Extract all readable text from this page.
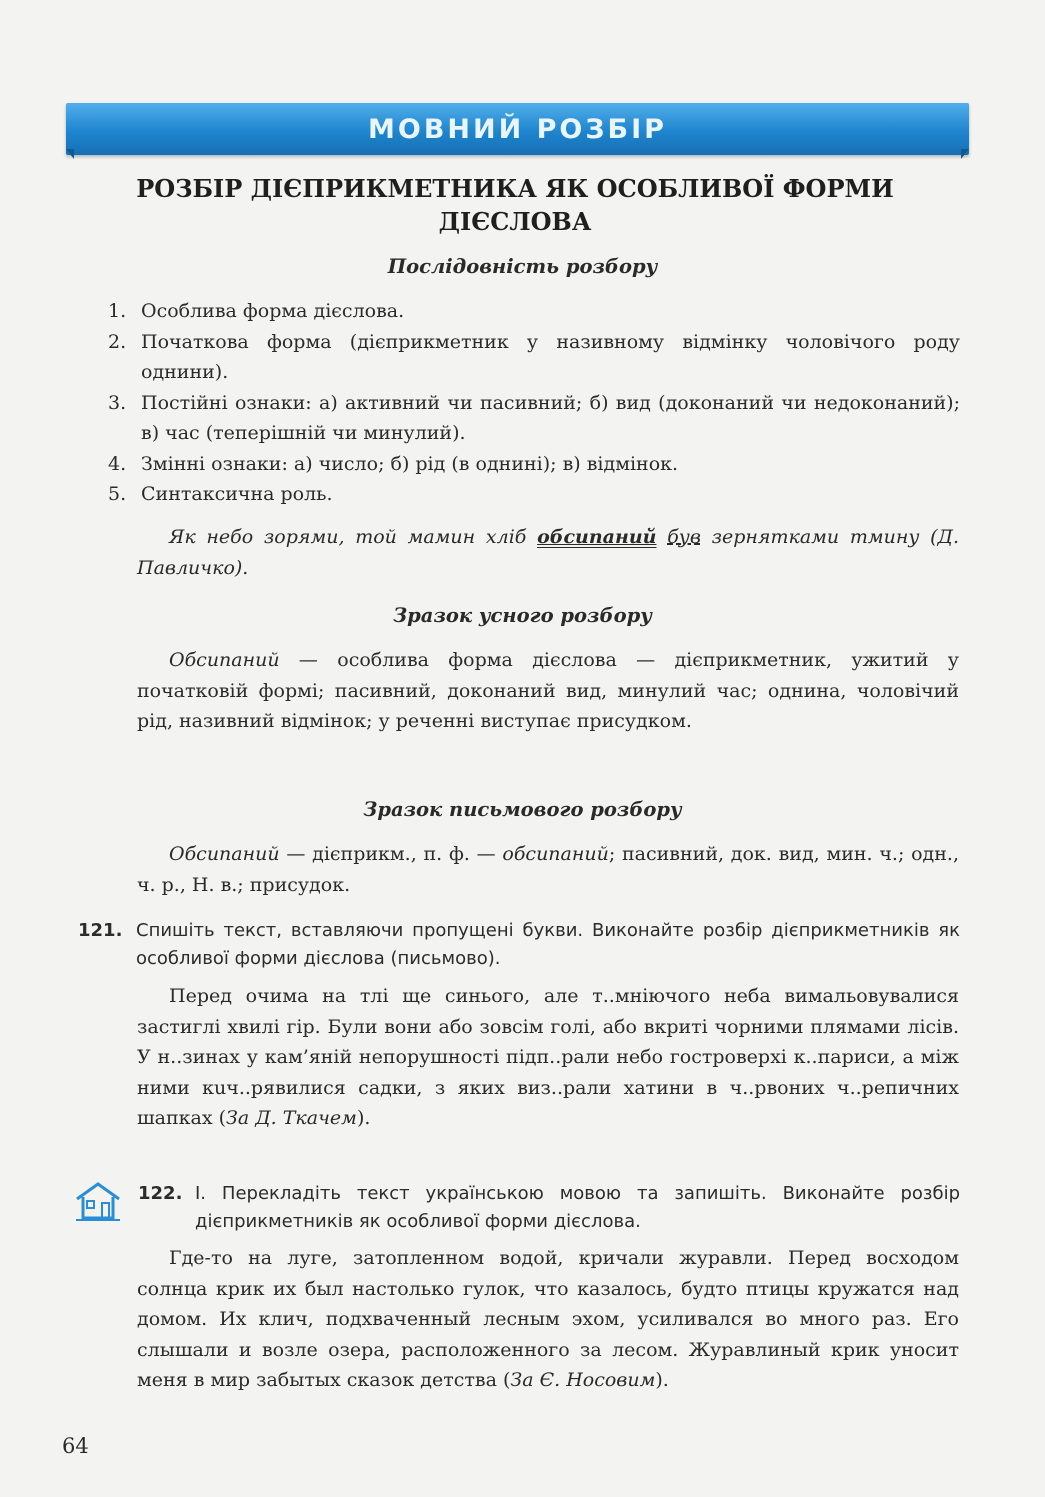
МОВНИЙ РОЗБІР
РОЗБІР ДІЄПРИКМЕТНИКА ЯК ОСОБЛИВОЇ ФОРМИ
ДІЄСЛОВА
Послідовність розбору
1. Особлива форма дієслова.
2. Початкова форма (дієприкметник у називному відмінку чоловічого роду однини).
3. Постійні ознаки: а) активний чи пасивний; б) вид (доконаний чи недоконаний); в) час (теперішній чи минулий).
4. Змінні ознаки: а) число; б) рід (в однині); в) відмінок.
5. Синтаксична роль.
Як небо зорями, той мамин хліб обсипаний був зернятками тмину (Д. Павличко).
Зразок усного розбору
Обсипаний — особлива форма дієслова — дієприкметник, ужитий у початковій формі; пасивний, доконаний вид, минулий час; однина, чоловічий рід, називний відмінок; у реченні виступає присудком.
Зразок письмового розбору
Обсипаний — дієприкм., п. ф. — обсипаний; пасивний, док. вид, мин. ч.; одн., ч. р., Н. в.; присудок.
121. Спишіть текст, вставляючи пропущені букви. Виконайте розбір дієприкметників як особливої форми дієслова (письмово).
Перед очима на тлі ще синього, але т..мніючого неба вимальовувалися застиглі хвилі гір. Були вони або зовсім голі, або вкриті чорними плямами лісів. У н..зинах у кам’яній непорушності підп..рали небо гостроверхі к..париси, а між ними кuч..рявилися садки, з яких виз..рали хатини в ч..рвоних ч..репичних шапках (За Д. Ткачем).
122. І. Перекладіть текст українською мовою та запишіть. Виконайте розбір дієприкметників як особливої форми дієслова.
Где-то на луге, затопленном водой, кричали журавли. Перед восходом солнца крик их был настолько гулок, что казалось, будто птицы кружатся над домом. Их клич, подхваченный лесным эхом, усиливался во много раз. Его слышали и возле озера, расположенного за лесом. Журавлиный крик уносит меня в мир забытых сказок детства (За Є. Носовим).
64
